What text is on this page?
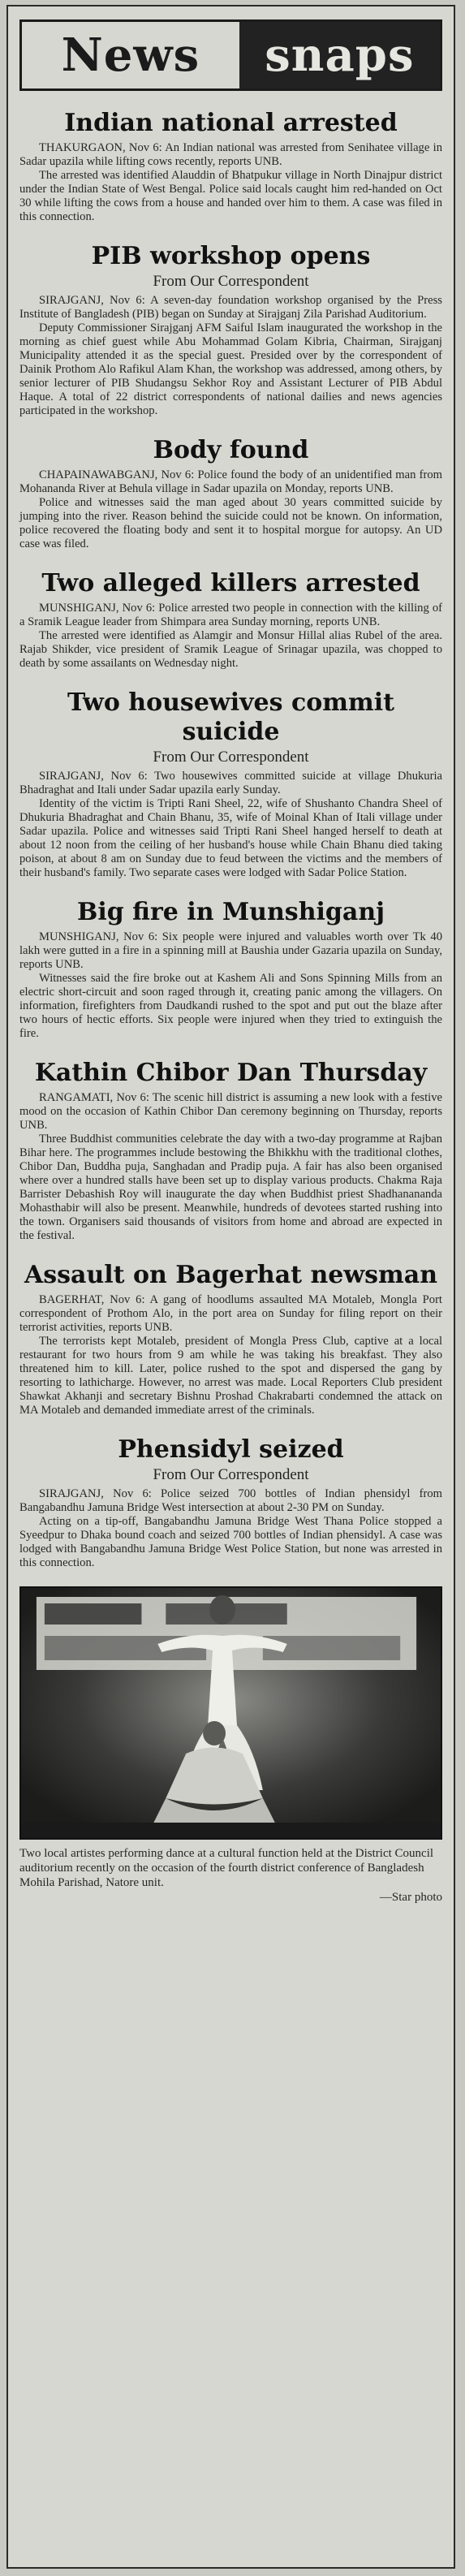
News	snaps
Indian national arrested

THAKURGAON, Nov 6: An Indian national was arrested from Senihatee village in Sadar upazila while lifting cows recently, reports UNB.

The arrested was identified Alauddin of Bhatpukur village in North Dinajpur district under the Indian State of West Bengal. Police said locals caught him red-handed on Oct 30 while lifting the cows from a house and handed over him to them. A case was filed in this connection.

PIB workshop opens
From Our Correspondent

SIRAJGANJ, Nov 6: A seven-day foundation workshop organised by the Press Institute of Bangladesh (PIB) began on Sunday at Sirajganj Zila Parishad Auditorium.

Deputy Commissioner Sirajganj AFM Saiful Islam inaugurated the workshop in the morning as chief guest while Abu Mohammad Golam Kibria, Chairman, Sirajganj Municipality attended it as the special guest. Presided over by the correspondent of Dainik Prothom Alo Rafikul Alam Khan, the workshop was addressed, among others, by senior lecturer of PIB Shudangsu Sekhor Roy and Assistant Lecturer of PIB Abdul Haque. A total of 22 district correspondents of national dailies and news agencies participated in the workshop.

Body found

CHAPAINAWABGANJ, Nov 6: Police found the body of an unidentified man from Mohananda River at Behula village in Sadar upazila on Monday, reports UNB.

Police and witnesses said the man aged about 30 years committed suicide by jumping into the river. Reason behind the suicide could not be known. On information, police recovered the floating body and sent it to hospital morgue for autopsy. An UD case was filed.

Two alleged killers arrested

MUNSHIGANJ, Nov 6: Police arrested two people in connection with the killing of a Sramik League leader from Shimpara area Sunday morning, reports UNB.

The arrested were identified as Alamgir and Monsur Hillal alias Rubel of the area. Rajab Shikder, vice president of Sramik League of Srinagar upazila, was chopped to death by some assailants on Wednesday night.

Two housewives commit suicide
From Our Correspondent

SIRAJGANJ, Nov 6: Two housewives committed suicide at village Dhukuria Bhadraghat and Itali under Sadar upazila early Sunday.

Identity of the victim is Tripti Rani Sheel, 22, wife of Shushanto Chandra Sheel of Dhukuria Bhadraghat and Chain Bhanu, 35, wife of Moinal Khan of Itali village under Sadar upazila. Police and witnesses said Tripti Rani Sheel hanged herself to death at about 12 noon from the ceiling of her husband's house while Chain Bhanu died taking poison, at about 8 am on Sunday due to feud between the victims and the members of their husband's family. Two separate cases were lodged with Sadar Police Station.

Big fire in Munshiganj

MUNSHIGANJ, Nov 6: Six people were injured and valuables worth over Tk 40 lakh were gutted in a fire in a spinning mill at Baushia under Gazaria upazila on Sunday, reports UNB.

Witnesses said the fire broke out at Kashem Ali and Sons Spinning Mills from an electric short-circuit and soon raged through it, creating panic among the villagers. On information, firefighters from Daudkandi rushed to the spot and put out the blaze after two hours of hectic efforts. Six people were injured when they tried to extinguish the fire.

Kathin Chibor Dan Thursday

RANGAMATI, Nov 6: The scenic hill district is assuming a new look with a festive mood on the occasion of Kathin Chibor Dan ceremony beginning on Thursday, reports UNB.

Three Buddhist communities celebrate the day with a two-day programme at Rajban Bihar here. The programmes include bestowing the Bhikkhu with the traditional clothes, Chibor Dan, Buddha puja, Sanghadan and Pradip puja. A fair has also been organised where over a hundred stalls have been set up to display various products. Chakma Raja Barrister Debashish Roy will inaugurate the day when Buddhist priest Shadhanananda Mohasthabir will also be present. Meanwhile, hundreds of devotees started rushing into the town. Organisers said thousands of visitors from home and abroad are expected in the festival.

Assault on Bagerhat newsman

BAGERHAT, Nov 6: A gang of hoodlums assaulted MA Motaleb, Mongla Port correspondent of Prothom Alo, in the port area on Sunday for filing report on their terrorist activities, reports UNB.

The terrorists kept Motaleb, president of Mongla Press Club, captive at a local restaurant for two hours from 9 am while he was taking his breakfast. They also threatened him to kill. Later, police rushed to the spot and dispersed the gang by resorting to lathicharge. However, no arrest was made. Local Reporters Club president Shawkat Akhanji and secretary Bishnu Proshad Chakrabarti condemned the attack on MA Motaleb and demanded immediate arrest of the criminals.

Phensidyl seized
From Our Correspondent

SIRAJGANJ, Nov 6: Police seized 700 bottles of Indian phensidyl from Bangabandhu Jamuna Bridge West intersection at about 2-30 PM on Sunday.

Acting on a tip-off, Bangabandhu Jamuna Bridge West Thana Police stopped a Syeedpur to Dhaka bound coach and seized 700 bottles of Indian phensidyl. A case was lodged with Bangabandhu Jamuna Bridge West Police Station, but none was arrested in this connection.

Two local artistes performing dance at a cultural function held at the District Council auditorium recently on the occasion of the fourth district conference of Bangladesh Mohila Parishad, Natore unit.
—Star photo
